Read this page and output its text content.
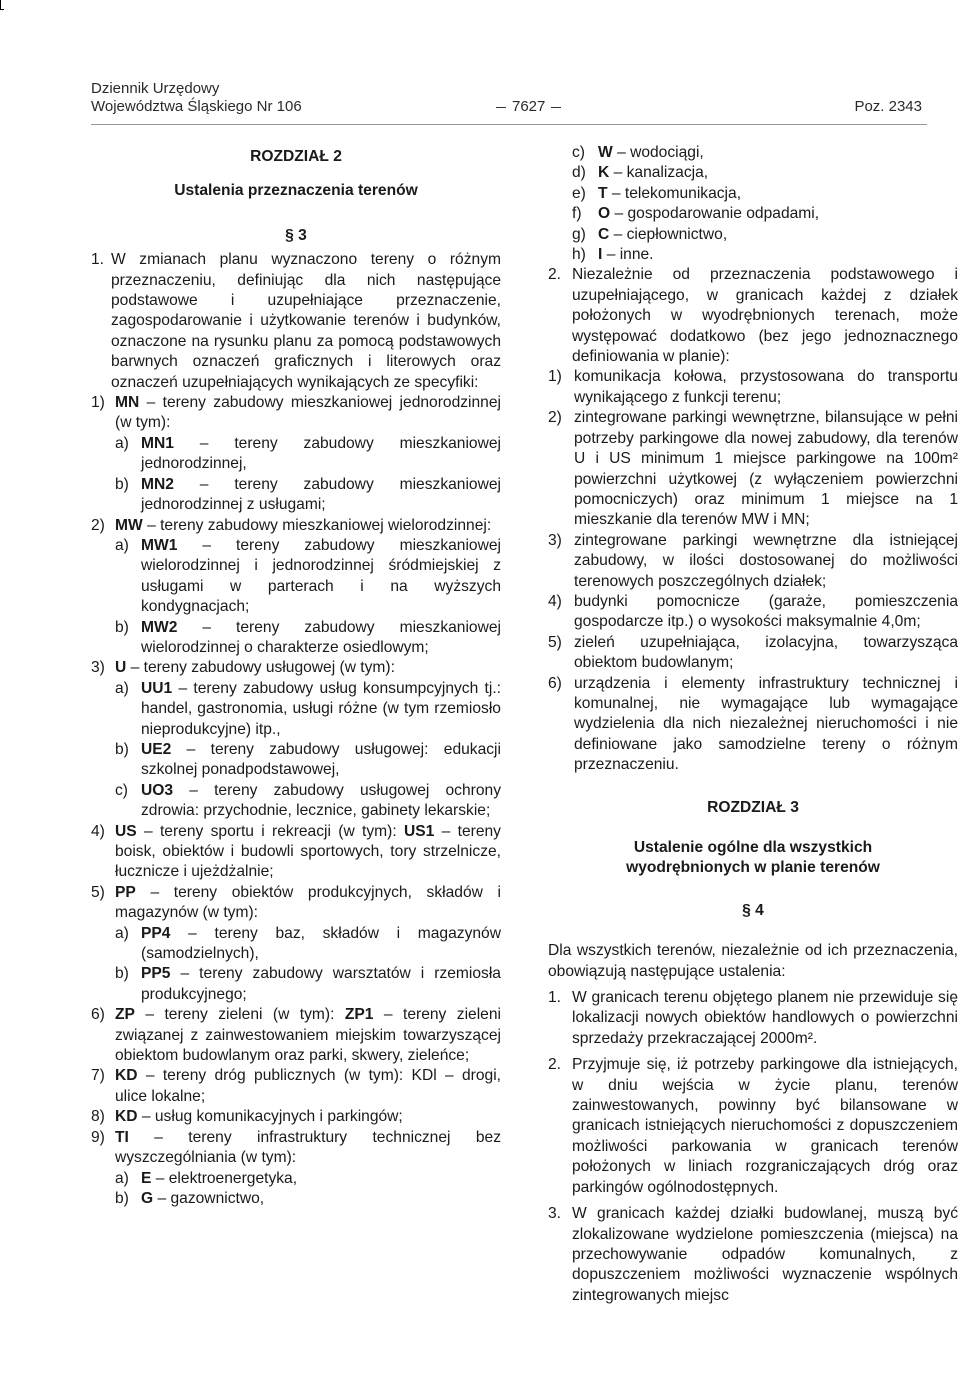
Dziennik Urzędowy
Województwa Śląskiego Nr 106	7627	Poz. 2343
ROZDZIAŁ 2
Ustalenia przeznaczenia terenów
§ 3
1. W zmianach planu wyznaczono tereny o różnym przeznaczeniu, definiując dla nich następujące podstawowe i uzupełniające przeznaczenie, zagospodarowanie i użytkowanie terenów i budynków, oznaczone na rysunku planu za pomocą podstawowych barwnych oznaczeń graficznych i literowych oraz oznaczeń uzupełniających wynikających ze specyfiki:
1) MN – tereny zabudowy mieszkaniowej jednorodzinnej (w tym):
a) MN1 – tereny zabudowy mieszkaniowej jednorodzinnej,
b) MN2 – tereny zabudowy mieszkaniowej jednorodzinnej z usługami;
2) MW – tereny zabudowy mieszkaniowej wielorodzinnej:
a) MW1 – tereny zabudowy mieszkaniowej wielorodzinnej i jednorodzinnej śródmiejskiej z usługami w parterach i na wyższych kondygnacjach;
b) MW2 – tereny zabudowy mieszkaniowej wielorodzinnej o charakterze osiedlowym;
3) U – tereny zabudowy usługowej (w tym):
a) UU1 – tereny zabudowy usług konsumpcyjnych tj.: handel, gastronomia, usługi różne (w tym rzemiosło nieprodukcyjne) itp.,
b) UE2 – tereny zabudowy usługowej: edukacji szkolnej ponadpodstawowej,
c) UO3 – tereny zabudowy usługowej ochrony zdrowia: przychodnie, lecznice, gabinety lekarskie;
4) US – tereny sportu i rekreacji (w tym): US1 – tereny boisk, obiektów i budowli sportowych, tory strzelnicze, łucznicze i ujeżdżalnie;
5) PP – tereny obiektów produkcyjnych, składów i magazynów (w tym):
a) PP4 – tereny baz, składów i magazynów (samodzielnych),
b) PP5 – tereny zabudowy warsztatów i rzemiosła produkcyjnego;
6) ZP – tereny zieleni (w tym): ZP1 – tereny zieleni związanej z zainwestowaniem miejskim towarzyszącej obiektom budowlanym oraz parki, skwery, zieleńce;
7) KD – tereny dróg publicznych (w tym): KDl – drogi, ulice lokalne;
8) KD – usług komunikacyjnych i parkingów;
9) TI – tereny infrastruktury technicznej bez wyszczególniania (w tym):
a) E – elektroenergetyka,
b) G – gazownictwo,
c) W – wodociągi,
d) K – kanalizacja,
e) T – telekomunikacja,
f)	O – gospodarowanie odpadami,
g) C – ciepłownictwo,
h) I – inne.
2. Niezależnie od przeznaczenia podstawowego i uzupełniającego, w granicach każdej z działek położonych w wyodrębnionych terenach, może występować dodatkowo (bez jego jednoznacznego definiowania w planie):
1) komunikacja kołowa, przystosowana do transportu wynikającego z funkcji terenu;
2) zintegrowane parkingi wewnętrzne, bilansujące w pełni potrzeby parkingowe dla nowej zabudowy, dla terenów U i US minimum 1 miejsce parkingowe na 100m² powierzchni użytkowej (z wyłączeniem powierzchni pomocniczych) oraz minimum 1 miejsce na 1 mieszkanie dla terenów MW i MN;
3) zintegrowane parkingi wewnętrzne dla istniejącej zabudowy, w ilości dostosowanej do możliwości terenowych poszczególnych działek;
4) budynki pomocnicze (garaże, pomieszczenia gospodarcze itp.) o wysokości maksymalnie 4,0m;
5) zieleń uzupełniająca, izolacyjna, towarzysząca obiektom budowlanym;
6) urządzenia i elementy infrastruktury technicznej i komunalnej, nie wymagające lub wymagające wydzielenia dla nich niezależnej nieruchomości i nie definiowane jako samodzielne tereny o różnym przeznaczeniu.
ROZDZIAŁ 3
Ustalenie ogólne dla wszystkich wyodrębnionych w planie terenów
§ 4
Dla wszystkich terenów, niezależnie od ich przeznaczenia, obowiązują następujące ustalenia:
1. W granicach terenu objętego planem nie przewiduje się lokalizacji nowych obiektów handlowych o powierzchni sprzedaży przekraczającej 2000m².
2. Przyjmuje się, iż potrzeby parkingowe dla istniejących, w dniu wejścia w życie planu, terenów zainwestowanych, powinny być bilansowane w granicach istniejących nieruchomości z dopuszczeniem możliwości parkowania w granicach terenów położonych w liniach rozgraniczających dróg oraz parkingów ogólnodostępnych.
3. W granicach każdej działki budowlanej, muszą być zlokalizowane wydzielone pomieszczenia (miejsca) na przechowywanie odpadów komunalnych, z dopuszczeniem możliwości wyznaczenie wspólnych zintegrowanych miejsc
